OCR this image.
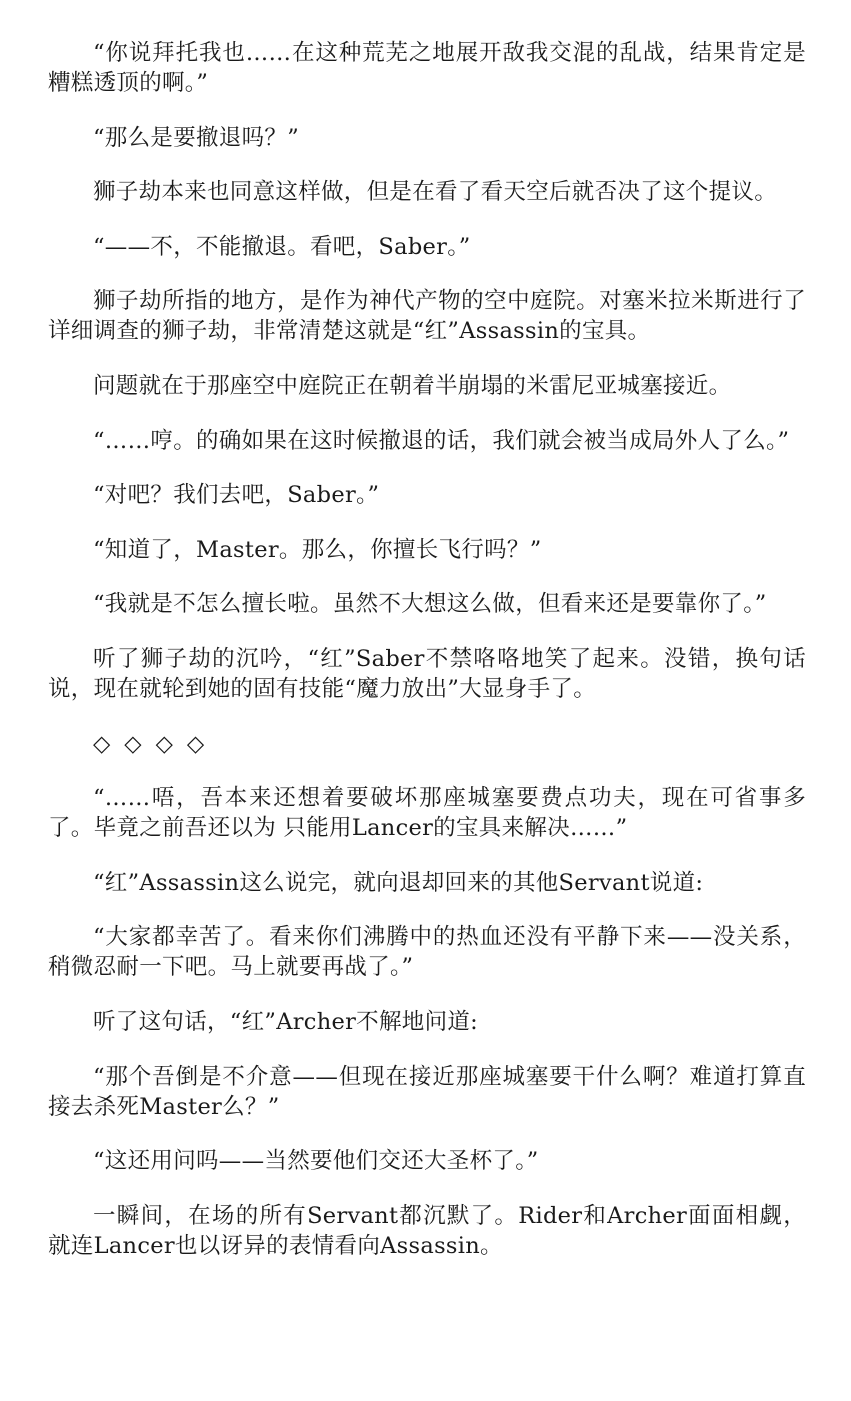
“你说拜托我也……在这种荒芜之地展开敌我交混的乱战，结果肯定是糟糕透顶的啊。”

“那么是要撤退吗？”

狮子劫本来也同意这样做，但是在看了看天空后就否决了这个提议。

“——不，不能撤退。看吧，Saber。”

狮子劫所指的地方，是作为神代产物的空中庭院。对塞米拉米斯进行了详细调查的狮子劫，非常清楚这就是“红”Assassin的宝具。

问题就在于那座空中庭院正在朝着半崩塌的米雷尼亚城塞接近。

“……哼。的确如果在这时候撤退的话，我们就会被当成局外人了么。”

“对吧？我们去吧，Saber。”

“知道了，Master。那么，你擅长飞行吗？”

“我就是不怎么擅长啦。虽然不大想这么做，但看来还是要靠你了。”

听了狮子劫的沉吟，“红”Saber不禁咯咯地笑了起来。没错，换句话说，现在就轮到她的固有技能“魔力放出”大显身手了。

◇◇◇◇

“……唔，吾本来还想着要破坏那座城塞要费点功夫，现在可省事多了。毕竟之前吾还以为 只能用Lancer的宝具来解决……”

“红”Assassin这么说完，就向退却回来的其他Servant说道:

“大家都幸苦了。看来你们沸腾中的热血还没有平静下来——没关系，稍微忍耐一下吧。马上就要再战了。”

听了这句话，“红”Archer不解地问道:

“那个吾倒是不介意——但现在接近那座城塞要干什么啊？难道打算直接去杀死Master么？”

“这还用问吗——当然要他们交还大圣杯了。”

一瞬间，在场的所有Servant都沉默了。Rider和Archer面面相觑，就连Lancer也以讶异的表情看向Assassin。
